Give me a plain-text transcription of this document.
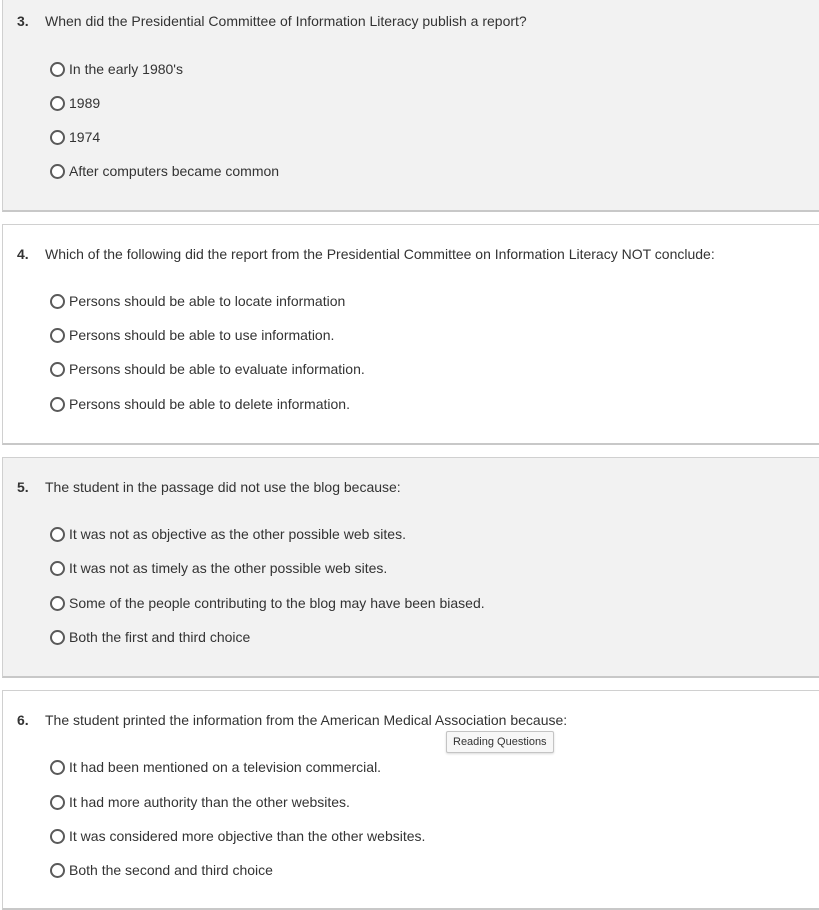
3. When did the Presidential Committee of Information Literacy publish a report?
In the early 1980's
1989
1974
After computers became common
4. Which of the following did the report from the Presidential Committee on Information Literacy NOT conclude:
Persons should be able to locate information
Persons should be able to use information.
Persons should be able to evaluate information.
Persons should be able to delete information.
5. The student in the passage did not use the blog because:
It was not as objective as the other possible web sites.
It was not as timely as the other possible web sites.
Some of the people contributing to the blog may have been biased.
Both the first and third choice
6. The student printed the information from the American Medical Association because:
It had been mentioned on a television commercial.
It had more authority than the other websites.
It was considered more objective than the other websites.
Both the second and third choice
Reading Questions
